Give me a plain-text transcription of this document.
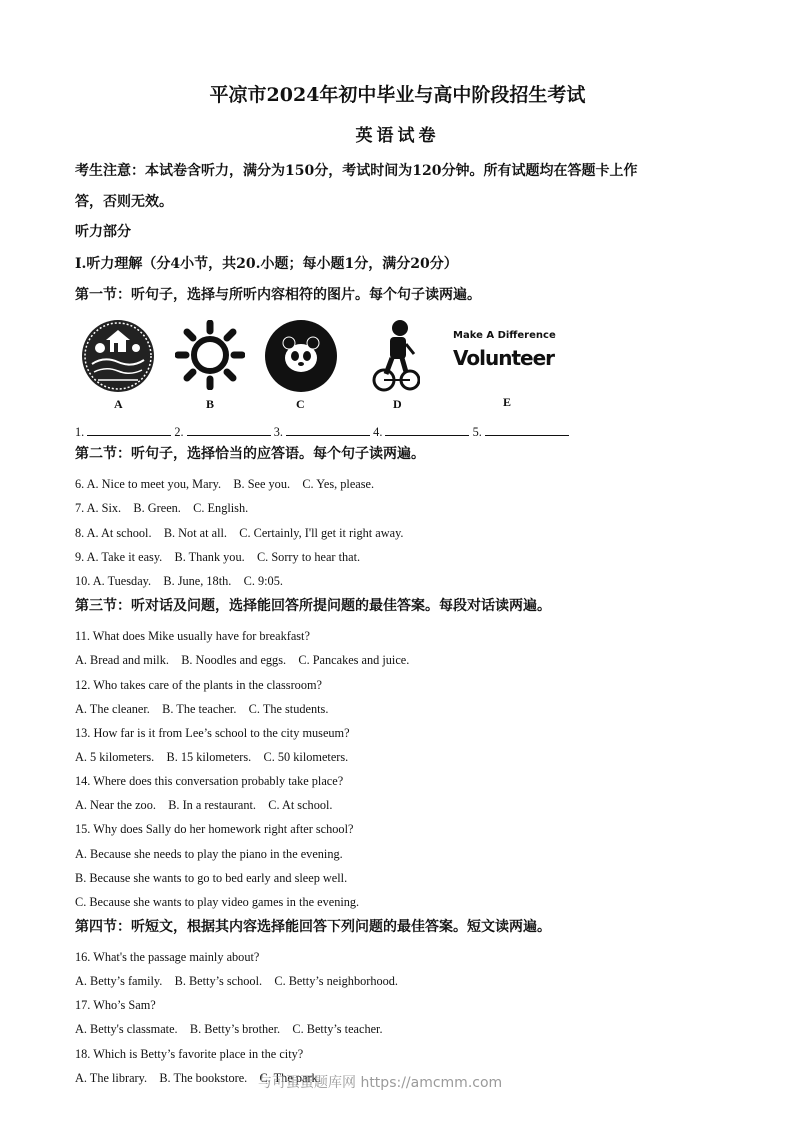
平凉市2024年初中毕业与高中阶段招生考试
英语试卷
考生注意：本试卷含听力，满分为150分，考试时间为120分钟。所有试题均在答题卡上作
答，否则无效。
听力部分
Ⅰ.听力理解（分4小节，共20.小题；每小题1分，满分20分）
第一节：听句子，选择与所听内容相符的图片。每个句子读两遍。
A	B	C	D
Make A Difference
Volunteer
E
1.	2.	3.	4.	5.
第二节：听句子，选择恰当的应答语。每个句子读两遍。
6. A. Nice to meet you, Mary.    B. See you.    C. Yes, please.
7. A. Six.    B. Green.    C. English.
8. A. At school.    B. Not at all.    C. Certainly, I'll get it right away.
9. A. Take it easy.    B. Thank you.    C. Sorry to hear that.
10. A. Tuesday.    B. June, 18th.    C. 9:05.
第三节：听对话及问题，选择能回答所提问题的最佳答案。每段对话读两遍。
11. What does Mike usually have for breakfast?
A. Bread and milk.    B. Noodles and eggs.    C. Pancakes and juice.
12. Who takes care of the plants in the classroom?
A. The cleaner.    B. The teacher.    C. The students.
13. How far is it from Lee’s school to the city museum?
A. 5 kilometers.    B. 15 kilometers.    C. 50 kilometers.
14. Where does this conversation probably take place?
A. Near the zoo.    B. In a restaurant.    C. At school.
15. Why does Sally do her homework right after school?
A. Because she needs to play the piano in the evening.
B. Because she wants to go to bed early and sleep well.
C. Because she wants to play video games in the evening.
第四节：听短文，根据其内容选择能回答下列问题的最佳答案。短文读两遍。
16. What's the passage mainly about?
A. Betty’s family.    B. Betty’s school.    C. Betty’s neighborhood.
17. Who’s Sam?
A. Betty's classmate.    B. Betty’s brother.    C. Betty’s teacher.
18. Which is Betty’s favorite place in the city?
A. The library.    B. The bookstore.    C. The park.
与可蛋蛋题库网 https://amcmm.com
